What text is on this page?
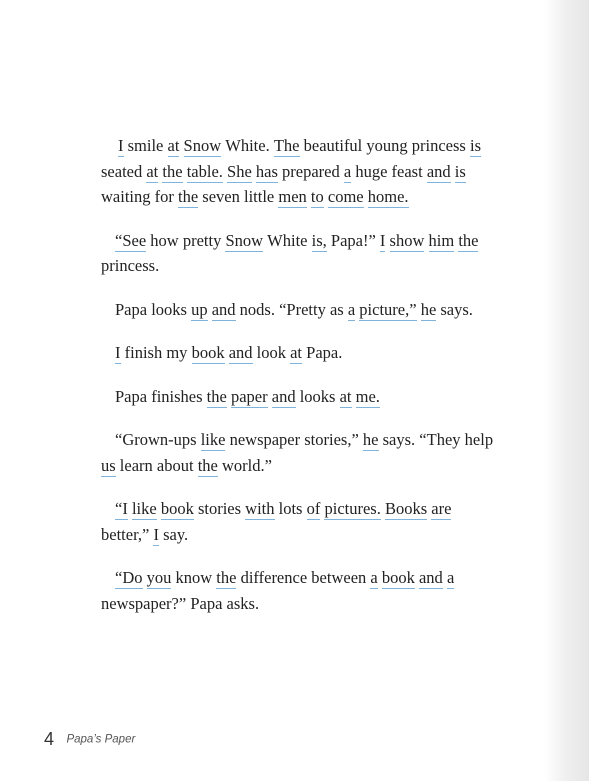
I smile at Snow White. The beautiful young princess is seated at the table. She has prepared a huge feast and is waiting for the seven little men to come home.

“See how pretty Snow White is, Papa!” I show him the princess.

Papa looks up and nods. “Pretty as a picture,” he says.

I finish my book and look at Papa.

Papa finishes the paper and looks at me.

“Grown-ups like newspaper stories,” he says. “They help us learn about the world.”

“I like book stories with lots of pictures. Books are better,” I say.

“Do you know the difference between a book and a newspaper?” Papa asks.

4 Papa’s Paper
